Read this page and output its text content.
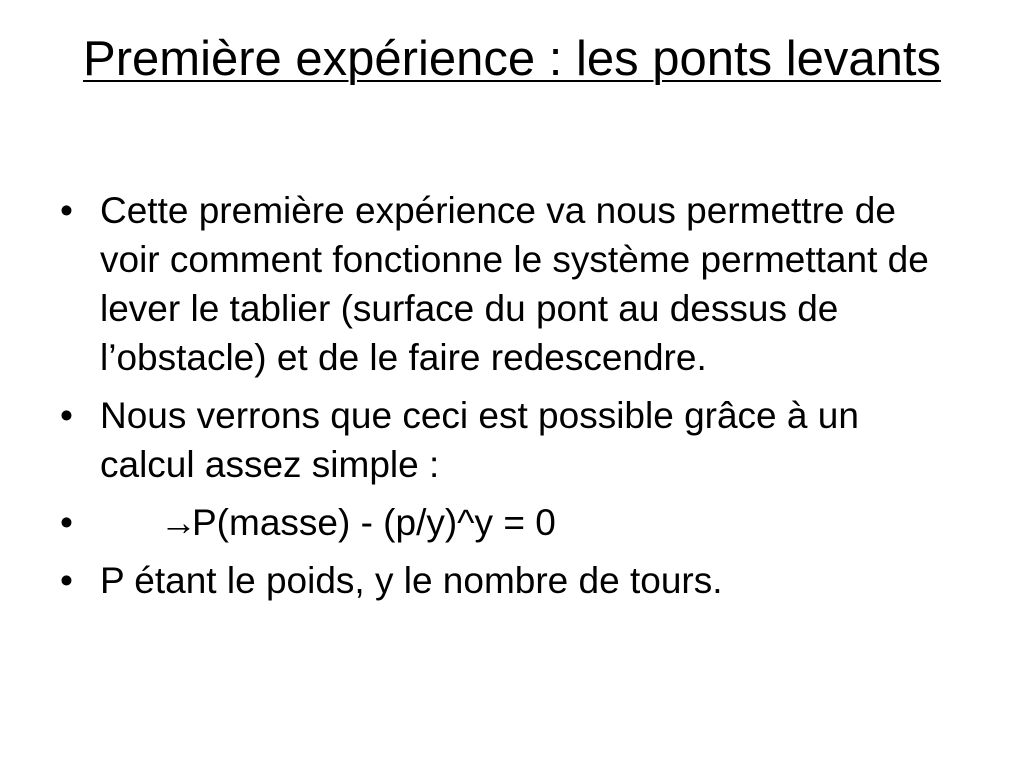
Première expérience : les ponts levants
• Cette première expérience va nous permettre de voir comment fonctionne le système permettant de lever le tablier (surface du pont au dessus de l’obstacle) et de le faire redescendre.
• Nous verrons que ceci est possible grâce à un calcul assez simple :
•	→P(masse) - (p/y)^y = 0
• P étant le poids, y le nombre de tours.
